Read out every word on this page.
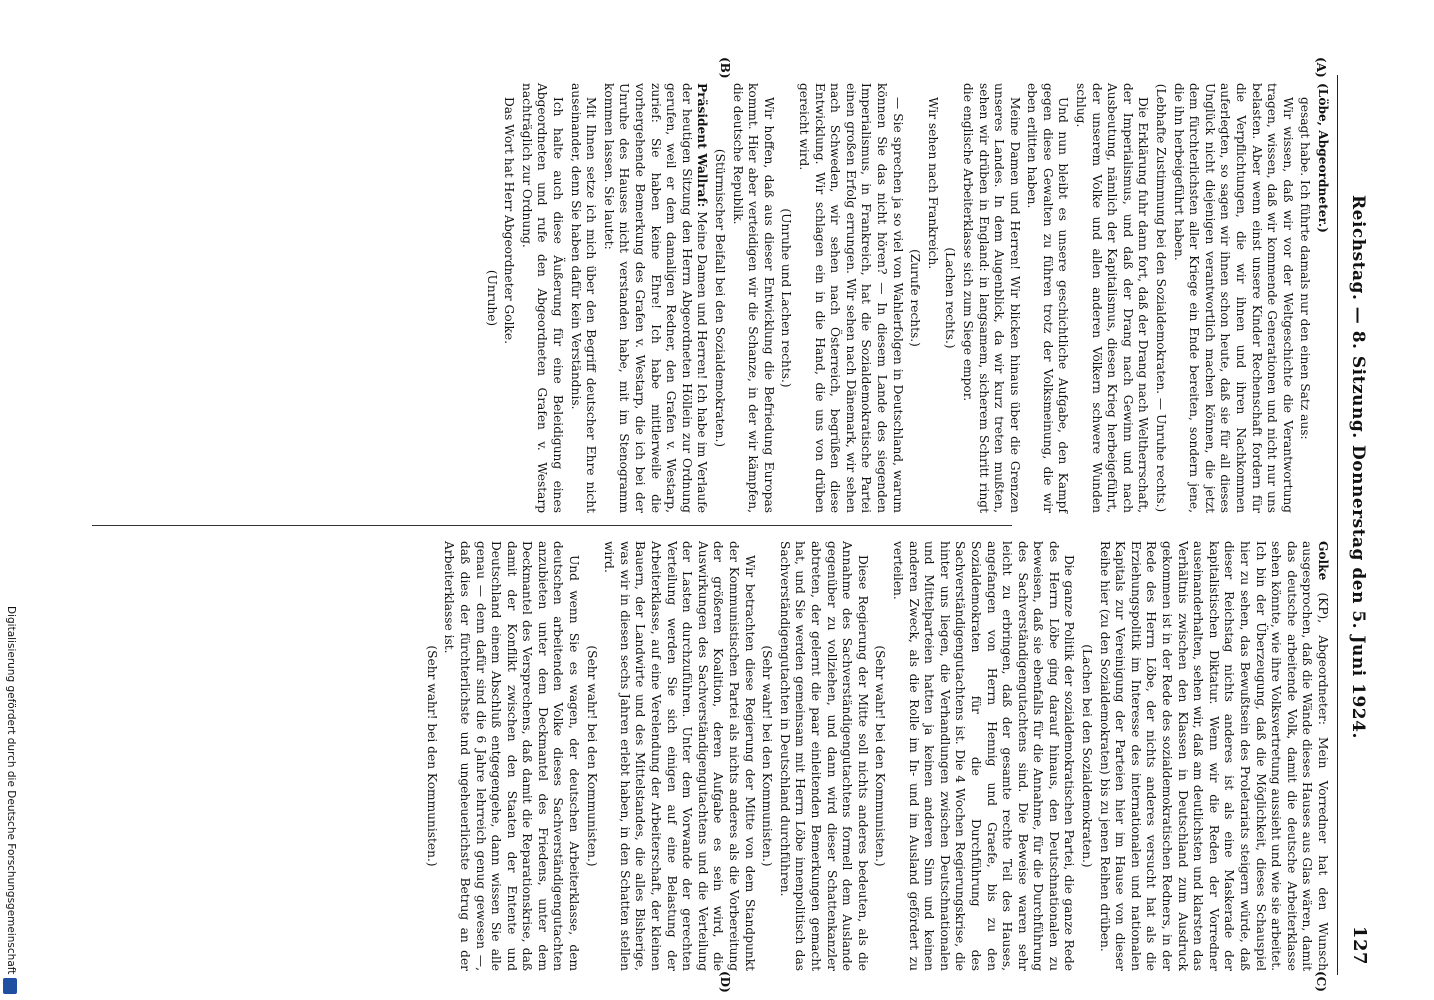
Reichstag. — 8. Sitzung. Donnerstag den 5. Juni 1924.
127
(A)
(B)
(C)
(D)

(Löbe, Abgeordneter.)

gesagt habe. Ich führte damals nur den einen Satz aus:

Wir wissen, daß wir vor der Weltgeschichte die Verantwortung tragen, wissen, daß wir kommende Generationen und nicht nur uns belasten. Aber wenn einst unsere Kinder Rechenschaft fordern für die Verpflichtungen, die wir ihnen und ihren Nachkommen auferlegten, so sagen wir ihnen schon heute, daß sie für all dieses Unglück nicht diejenigen verantwortlich machen können, die jetzt dem fürchterlichsten aller Kriege ein Ende bereiten, sondern jene, die ihn herbeigeführt haben.

(Lebhafte Zustimmung bei den Sozialdemokraten. — Unruhe rechts.)

Die Erklärung fuhr dann fort, daß der Drang nach Weltherrschaft, der Imperialismus, und daß der Drang nach Gewinn und nach Ausbeutung, nämlich der Kapitalismus, diesen Krieg herbeigeführt, der unserem Volke und allen anderen Völkern schwere Wunden schlug.

Und nun bleibt es unsere geschichtliche Aufgabe, den Kampf gegen diese Gewalten zu führen trotz der Volksmeinung, die wir eben erlitten haben.

Meine Damen und Herren! Wir blicken hinaus über die Grenzen unseres Landes. In dem Augenblick, da wir kurz treten mußten, sehen wir drüben in England: in langsamem, sicherem Schritt ringt die englische Arbeiterklasse sich zum Siege empor.

(Lachen rechts.)

Wir sehen nach Frankreich.

(Zurufe rechts.)

— Sie sprechen ja so viel von Wahlerfolgen in Deutschland, warum können Sie das nicht hören? — In diesem Lande des siegenden Imperialismus, in Frankreich, hat die Sozialdemokratische Partei einen großen Erfolg errungen. Wir sehen nach Dänemark, wir sehen nach Schweden, wir sehen nach Österreich, begrüßen diese Entwicklung. Wir schlagen ein in die Hand, die uns von drüben gereicht wird.

(Unruhe und Lachen rechts.)

Wir hoffen, daß aus dieser Entwicklung die Befriedung Europas kommt. Hier aber verteidigen wir die Schanze, in der wir kämpfen, die deutsche Republik.

(Stürmischer Beifall bei den Sozialdemokraten.)

Präsident Wallraf: Meine Damen und Herren! Ich habe im Verlaufe der heutigen Sitzung den Herrn Abgeordneten Höllein zur Ordnung gerufen, weil er dem damaligen Redner, den Grafen v. Westarp, zurief: Sie haben keine Ehre! Ich habe mittlerweile die vorhergehende Bemerkung des Grafen v. Westarp, die ich bei der Unruhe des Hauses nicht verstanden habe, mit im Stenogramm kommen lassen. Sie lautet:

Mit Ihnen setze ich mich über den Begriff deutscher Ehre nicht auseinander, denn Sie haben dafür kein Verständnis.

Ich halte auch diese Äußerung für eine Beleidigung eines Abgeordneten und rufe den Abgeordneten Grafen v. Westarp nachträglich zur Ordnung.

Das Wort hat Herr Abgeordneter Golke.

(Unruhe)

Golke (KP), Abgeordneter: Mein Vorredner hat den Wunsch ausgesprochen, daß die Wände dieses Hauses aus Glas wären, damit das deutsche arbeitende Volk, damit die deutsche Arbeiterklasse sehen könnte, wie ihre Volksvertretung aussieht und wie sie arbeitet. Ich bin der Überzeugung, daß die Möglichkeit, dieses Schauspiel hier zu sehen, das Bewußtsein des Proletariats steigern würde, daß dieser Reichstag nichts anderes ist als eine Maskerade der kapitalistischen Diktatur. Wenn wir die Reden der Vorredner auseinanderhalten, sehen wir, daß am deutlichsten und klarsten das Verhältnis zwischen den Klassen in Deutschland zum Ausdruck gekommen ist in der Rede des sozialdemokratischen Redners, in der Rede des Herrn Löbe, der nichts anderes versucht hat als die Erziehungspolitik im Interesse des internationalen und nationalen Kapitals zur Vereinigung der Parteien hier im Hause von dieser Reihe hier (zu den Sozialdemokraten) bis zu jenen Reihen drüben.

(Lachen bei den Sozialdemokraten.)

Die ganze Politik der sozialdemokratischen Partei, die ganze Rede des Herrn Löbe ging darauf hinaus, den Deutschnationalen zu beweisen, daß sie ebenfalls für die Annahme, für die Durchführung des Sachverständigengutachtens sind. Die Beweise waren sehr leicht zu erbringen, daß der gesamte rechte Teil des Hauses, angefangen von Herrn Hennig und Graefe, bis zu den Sozialdemokraten für die Durchführung des Sachverständigengutachtens ist. Die 4 Wochen Regierungskrise, die hinter uns liegen, die Verhandlungen zwischen Deutschnationalen und Mittelparteien hatten ja keinen anderen Sinn und keinen anderen Zweck, als die Rolle im In- und im Ausland gefördert zu verteilen.

(Sehr wahr! bei den Kommunisten.)

Diese Regierung der Mitte soll nichts anderes bedeuten, als die Annahme des Sachverständigengutachtens formell dem Auslande gegenüber zu vollziehen, und dann wird dieser Schattenkanzler abtreten, der gelernt die paar einleitenden Bemerkungen gemacht hat, und Sie werden gemeinsam mit Herrn Löbe innenpolitisch das Sachverständigengutachten in Deutschland durchführen.

(Sehr wahr! bei den Kommunisten.)

Wir betrachten diese Regierung der Mitte von dem Standpunkt der Kommunistischen Partei als nichts anderes als die Vorbereitung der größeren Koalition, deren Aufgabe es sein wird, die Auswirkungen des Sachverständigengutachtens und die Verteilung der Lasten durchzuführen. Unter dem Vorwande der gerechten Verteilung werden Sie sich einigen auf eine Belastung der Arbeiterklasse, auf eine Verelendung der Arbeiterschaft, der kleinen Bauern, der Landwirte und des Mittelstandes, die alles Bisherige, was wir in diesen sechs Jahren erlebt haben, in den Schatten stellen wird.

(Sehr wahr! bei den Kommunisten.)

Und wenn Sie es wagen, der deutschen Arbeiterklasse, dem deutschen arbeitenden Volke dieses Sachverständigengutachten anzubieten unter dem Deckmantel des Friedens, unter dem Deckmantel des Versprechens, daß damit die Reparationskrise, daß damit der Konflikt zwischen den Staaten der Entente und Deutschland einem Abschluß entgegengehe, dann wissen Sie alle genau — denn dafür sind die 6 Jahre lehrreich genug gewesen —, daß dies der fürchterlichste und ungeheuerlichste Betrug an der Arbeiterklasse ist.

(Sehr wahr! bei den Kommunisten.)

Digitalisierung gefördert durch die Deutsche Forschungsgemeinschaft
